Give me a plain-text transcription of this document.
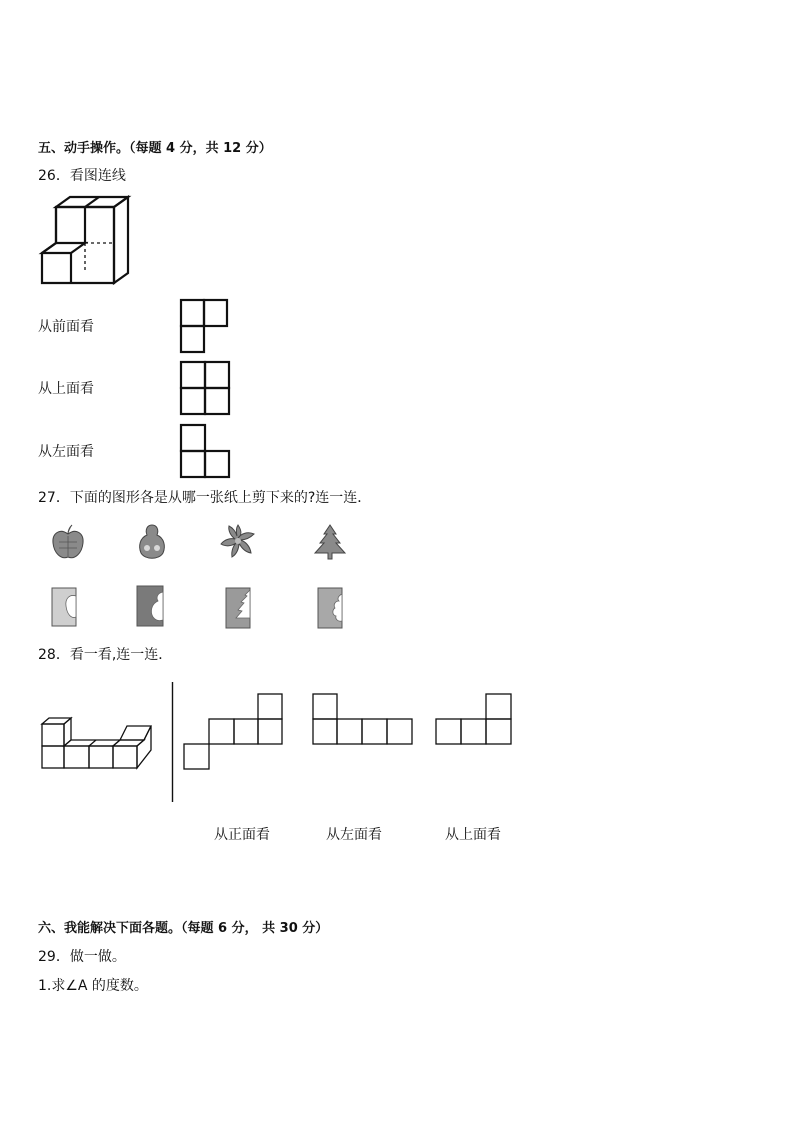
五、动手操作。（每题 4 分，共 12 分）
26．看图连线
从前面看
从上面看
从左面看
27．下面的图形各是从哪一张纸上剪下来的?连一连．
28．看一看,连一连．
从正面看	从左面看	从上面看
六、我能解决下面各题。（每题 6 分， 共 30 分）
29．做一做。
1.求∠A 的度数。
